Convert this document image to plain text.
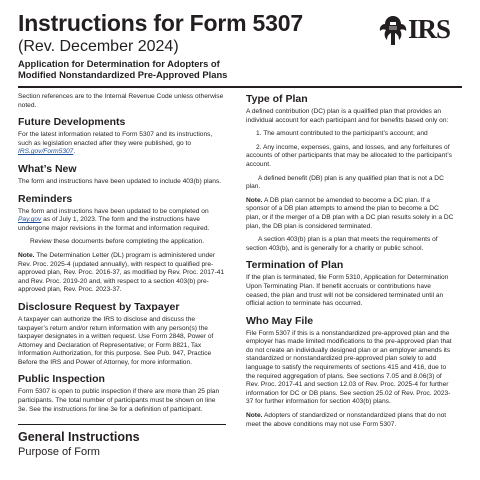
Instructions for Form 5307
(Rev. December 2024)
Application for Determination for Adopters of
Modified Nonstandardized Pre-Approved Plans
IRS

Section references are to the Internal Revenue Code unless otherwise noted.

Future Developments

For the latest information related to Form 5307 and its instructions, such as legislation enacted after they were published, go to IRS.gov/Form5307.

What’s New

The form and instructions have been updated to include 403(b) plans.

Reminders

The form and instructions have been updated to be completed on Pay.gov as of July 1, 2023. The form and the instructions have undergone major revisions in the format and information required.

Review these documents before completing the application.

Note. The Determination Letter (DL) program is administered under Rev. Proc. 2025-4 (updated annually), with respect to qualified pre-approved plan, Rev. Proc. 2016-37, as modified by Rev. Proc. 2017-41 and Rev. Proc. 2019-20 and, with respect to a section 403(b) pre-approved plan, Rev. Proc. 2023-37.

Disclosure Request by Taxpayer

A taxpayer can authorize the IRS to disclose and discuss the taxpayer’s return and/or return information with any person(s) the taxpayer designates in a written request. Use Form 2848, Power of Attorney and Declaration of Representative; or Form 8821, Tax Information Authorization, for this purpose. See Pub. 947, Practice Before the IRS and Power of Attorney, for more information.

Public Inspection

Form 5307 is open to public inspection if there are more than 25 plan participants. The total number of participants must be shown on line 3e. See the instructions for line 3e for a definition of participant.

General Instructions
Purpose of Form
Type of Plan

A defined contribution (DC) plan is a qualified plan that provides an individual account for each participant and for benefits based only on:

1. The amount contributed to the participant’s account; and

2. Any income, expenses, gains, and losses, and any forfeitures of accounts of other participants that may be allocated to the participant’s account.

A defined benefit (DB) plan is any qualified plan that is not a DC plan.

Note. A DB plan cannot be amended to become a DC plan. If a sponsor of a DB plan attempts to amend the plan to become a DC plan, or if the merger of a DB plan with a DC plan results solely in a DC plan, the DB plan is considered terminated.

A section 403(b) plan is a plan that meets the requirements of section 403(b), and is generally for a charity or public school.

Termination of Plan

If the plan is terminated, file Form 5310, Application for Determination Upon Terminating Plan. If benefit accruals or contributions have ceased, the plan and trust will not be considered terminated until an official action to terminate has occurred.

Who May File

File Form 5307 if this is a nonstandardized pre-approved plan and the employer has made limited modifications to the pre-approved plan that do not create an individually designed plan or an employer amends its standardized or nonstandardized pre-approved plan solely to add language to satisfy the requirements of sections 415 and 416, due to the required aggregation of plans. See sections 7.05 and 8.06(3) of Rev. Proc. 2017-41 and section 12.03 of Rev. Proc. 2025-4 for further information for DC or DB plans. See section 25.02 of Rev. Proc. 2023-37 for further information for section 403(b) plans.

Note. Adopters of standardized or nonstandardized plans that do not meet the above conditions may not use Form 5307.
